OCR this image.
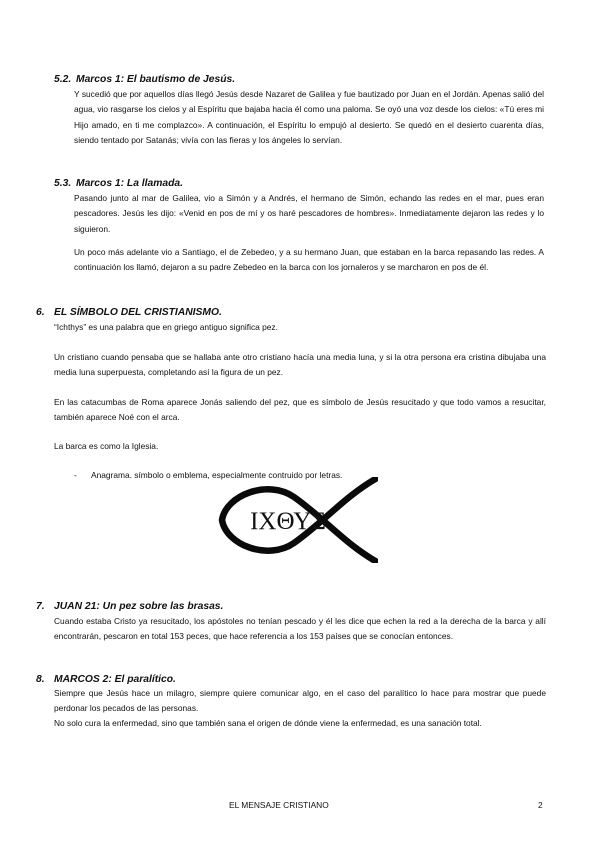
5.2. Marcos 1: El bautismo de Jesús.
Y sucedió que por aquellos días llegó Jesús desde Nazaret de Galilea y fue bautizado por Juan en el Jordán. Apenas salió del agua, vio rasgarse los cielos y al Espíritu que bajaba hacia él como una paloma. Se oyó una voz desde los cielos: «Tú eres mi Hijo amado, en ti me complazco». A continuación, el Espíritu lo empujó al desierto. Se quedó en el desierto cuarenta días, siendo tentado por Satanás; vivía con las fieras y los ángeles lo servían.
5.3. Marcos 1: La llamada.
Pasando junto al mar de Galilea, vio a Simón y a Andrés, el hermano de Simón, echando las redes en el mar, pues eran pescadores. Jesús les dijo: «Venid en pos de mí y os haré pescadores de hombres». Inmediatamente dejaron las redes y lo siguieron.
Un poco más adelante vio a Santiago, el de Zebedeo, y a su hermano Juan, que estaban en la barca repasando las redes. A continuación los llamó, dejaron a su padre Zebedeo en la barca con los jornaleros y se marcharon en pos de él.
6. EL SÍMBOLO DEL CRISTIANISMO.
“Ichthys” es una palabra que en griego antiguo significa pez.
Un cristiano cuando pensaba que se hallaba ante otro cristiano hacía una media luna, y si la otra persona era cristina dibujaba una media luna superpuesta, completando así la figura de un pez.
En las catacumbas de Roma aparece Jonás saliendo del pez, que es símbolo de Jesús resucitado y que todo vamos a resucitar, también aparece Noé con el arca.
La barca es como la Iglesia.
- Anagrama. símbolo o emblema, especialmente contruido por letras.
ΙΧΘΥΣ
7. JUAN 21: Un pez sobre las brasas.
Cuando estaba Cristo ya resucitado, los apóstoles no tenían pescado y él les dice que echen la red a la derecha de la barca y allí encontrarán, pescaron en total 153 peces, que hace referencia a los 153 países que se conocían entonces.
8. MARCOS 2: El paralítico.
Siempre que Jesús hace un milagro, siempre quiere comunicar algo, en el caso del paralítico lo hace para mostrar que puede perdonar los pecados de las personas.
No solo cura la enfermedad, sino que también sana el origen de dónde viene la enfermedad, es una sanación total.
EL MENSAJE CRISTIANO	2
